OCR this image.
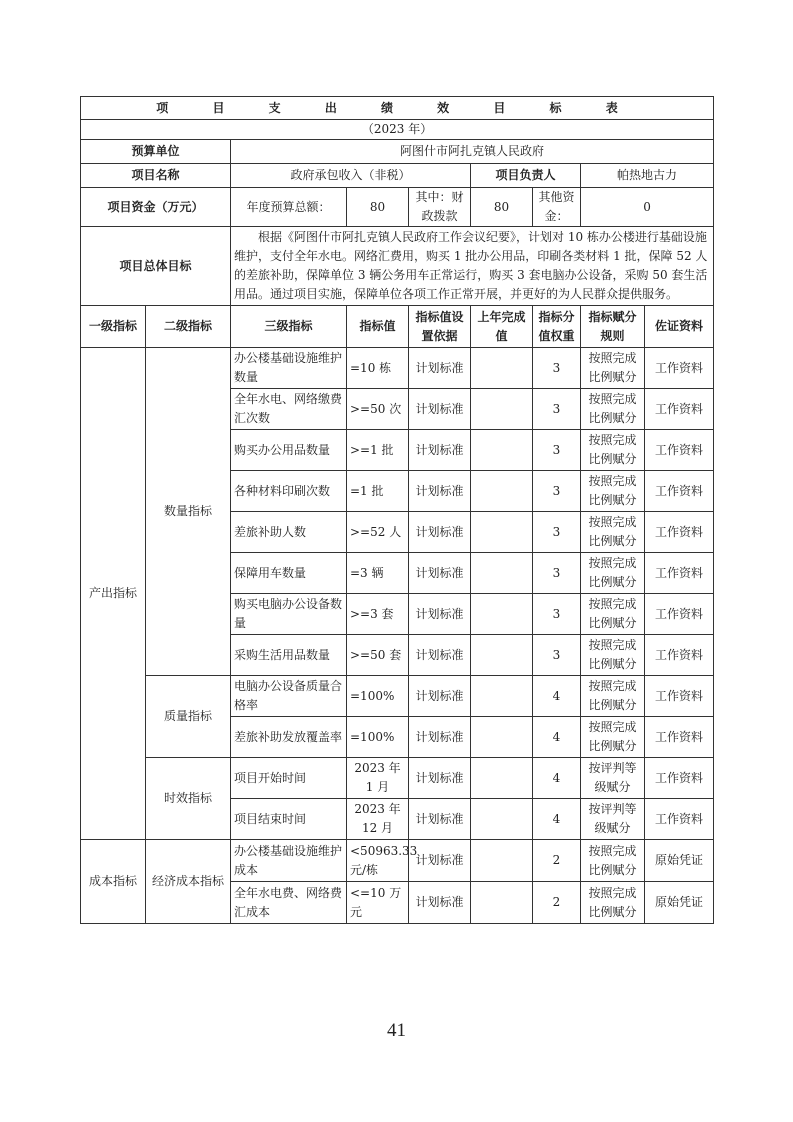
项 目 支 出 绩 效 目 标 表								
（2023 年）								
预算单位		阿图什市阿扎克镇人民政府						
项目名称		政府承包收入（非税）			项目负责人		帕热地古力	
项目资金（万元）		年度预算总额：	80	其中：财政拨款	80	其他资金：	0	
项目总体目标		根据《阿图什市阿扎克镇人民政府工作会议纪要》，计划对 10 栋办公楼进行基础设施维护，支付全年水电。网络汇费用，购买 1 批办公用品，印刷各类材料 1 批，保障 52 人的差旅补助，保障单位 3 辆公务用车正常运行，购买 3 套电脑办公设备，采购 50 套生活用品。通过项目实施，保障单位各项工作正常开展，并更好的为人民群众提供服务。						
一级指标	二级指标	三级指标	指标值	指标值设置依据	上年完成值	指标分值权重	指标赋分规则	佐证资料
产出指标	数量指标	办公楼基础设施维护数量	=10 栋	计划标准		3	按照完成比例赋分	工作资料
		全年水电、网络缴费汇次数	>=50 次	计划标准		3	按照完成比例赋分	工作资料
		购买办公用品数量	>=1 批	计划标准		3	按照完成比例赋分	工作资料
		各种材料印刷次数	=1 批	计划标准		3	按照完成比例赋分	工作资料
		差旅补助人数	>=52 人	计划标准		3	按照完成比例赋分	工作资料
		保障用车数量	=3 辆	计划标准		3	按照完成比例赋分	工作资料
		购买电脑办公设备数量	>=3 套	计划标准		3	按照完成比例赋分	工作资料
		采购生活用品数量	>=50 套	计划标准		3	按照完成比例赋分	工作资料
	质量指标	电脑办公设备质量合格率	=100%	计划标准		4	按照完成比例赋分	工作资料
		差旅补助发放覆盖率	=100%	计划标准		4	按照完成比例赋分	工作资料
	时效指标	项目开始时间	2023 年 1 月	计划标准		4	按评判等级赋分	工作资料
		项目结束时间	2023 年 12 月	计划标准		4	按评判等级赋分	工作资料
成本指标	经济成本指标	办公楼基础设施维护成本	<50963.33 元/栋	计划标准		2	按照完成比例赋分	原始凭证
		全年水电费、网络费汇成本	<=10 万元	计划标准		2	按照完成比例赋分	原始凭证
41
